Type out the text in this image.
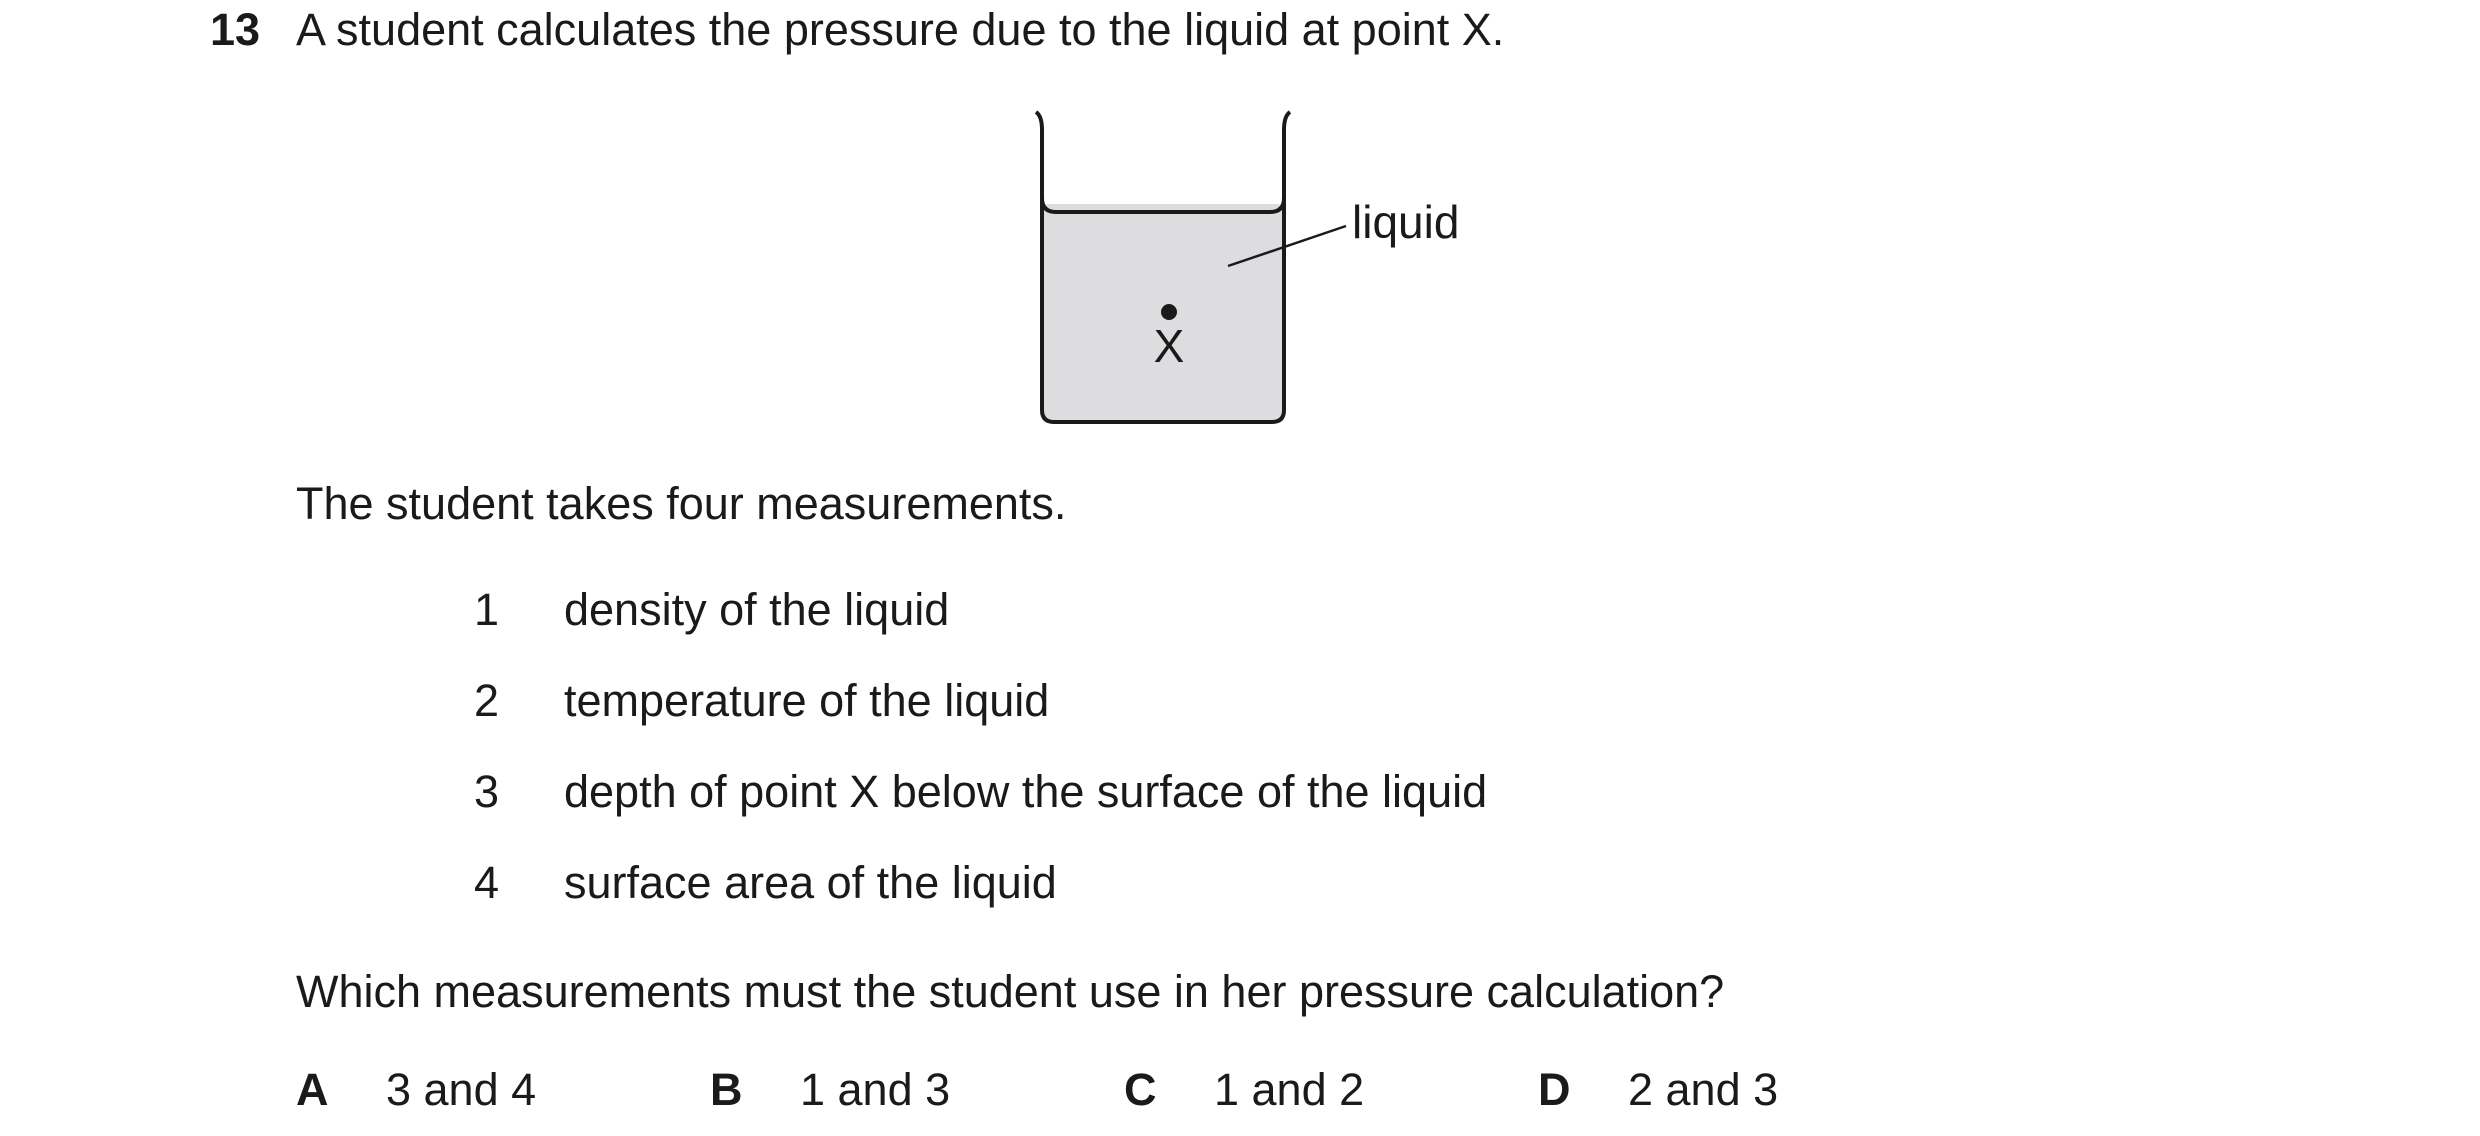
13 A student calculates the pressure due to the liquid at point X.
liquid
X
The student takes four measurements.
1 density of the liquid
2 temperature of the liquid
3 depth of point X below the surface of the liquid
4 surface area of the liquid
Which measurements must the student use in her pressure calculation?
A 3 and 4	B 1 and 3	C 1 and 2	D 2 and 3
